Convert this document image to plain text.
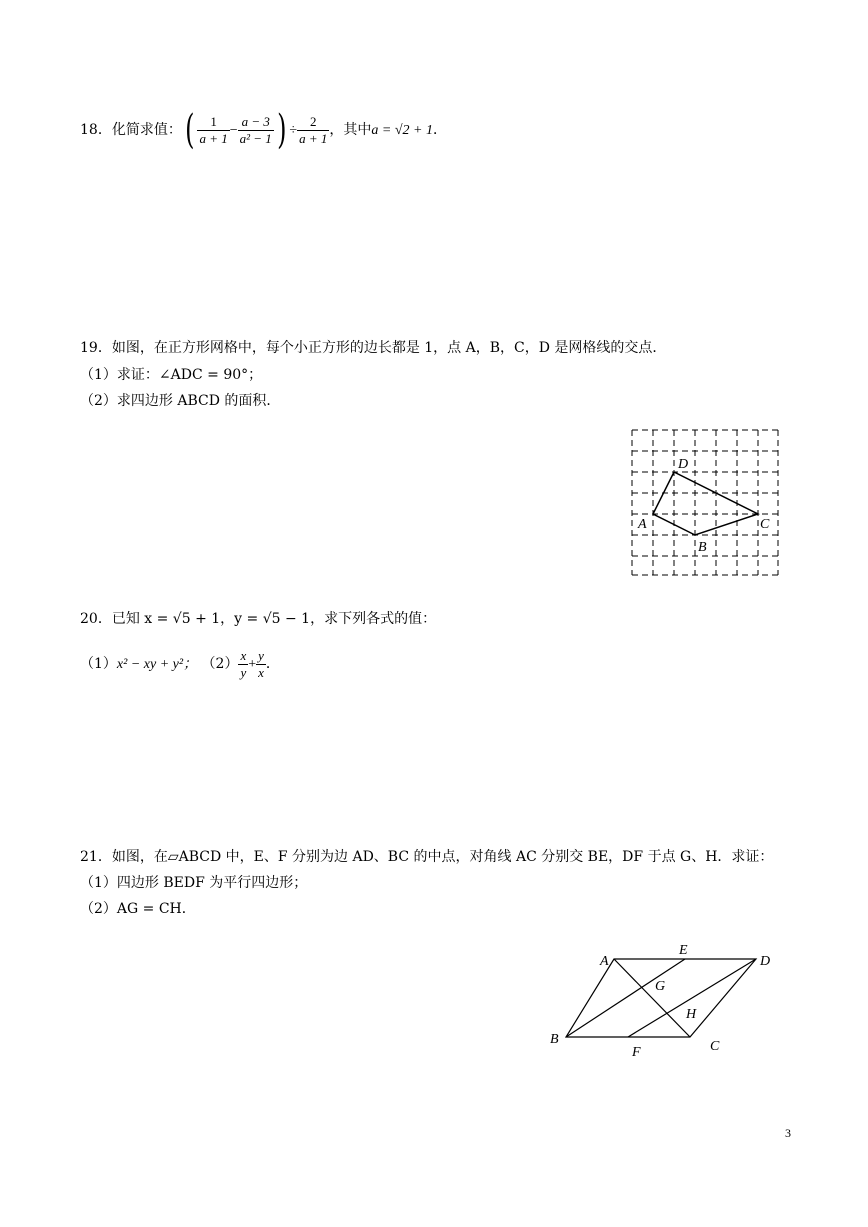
18．化简求值：( $\frac{1}{a + 1} - \frac{a - 3}{\text{a² − 1}}$ ) ÷ $\frac{2}{a + 1}$ ，其中a = √2 + 1．
19．如图，在正方形网格中，每个小正方形的边长都是 1，点 A，B，C，D 是网格线的交点．
（1）求证：∠ADC = 90°；
（2）求四边形 ABCD 的面积．
D
A	C
B
20．已知 x = √5 + 1，y = √5 − 1，求下列各式的值：
（1）x² − xy + y²； $(2) \frac{x}{y} + \frac{y}{x}$ ．
21．如图，在▱ABCD 中，E、F 分别为边 AD、BC 的中点，对角线 AC 分别交 BE，DF 于点 G、H．求证：
（1）四边形 BEDF 为平行四边形；
（2）AG = CH．
A
E
D
G
H
B	C
F
3
